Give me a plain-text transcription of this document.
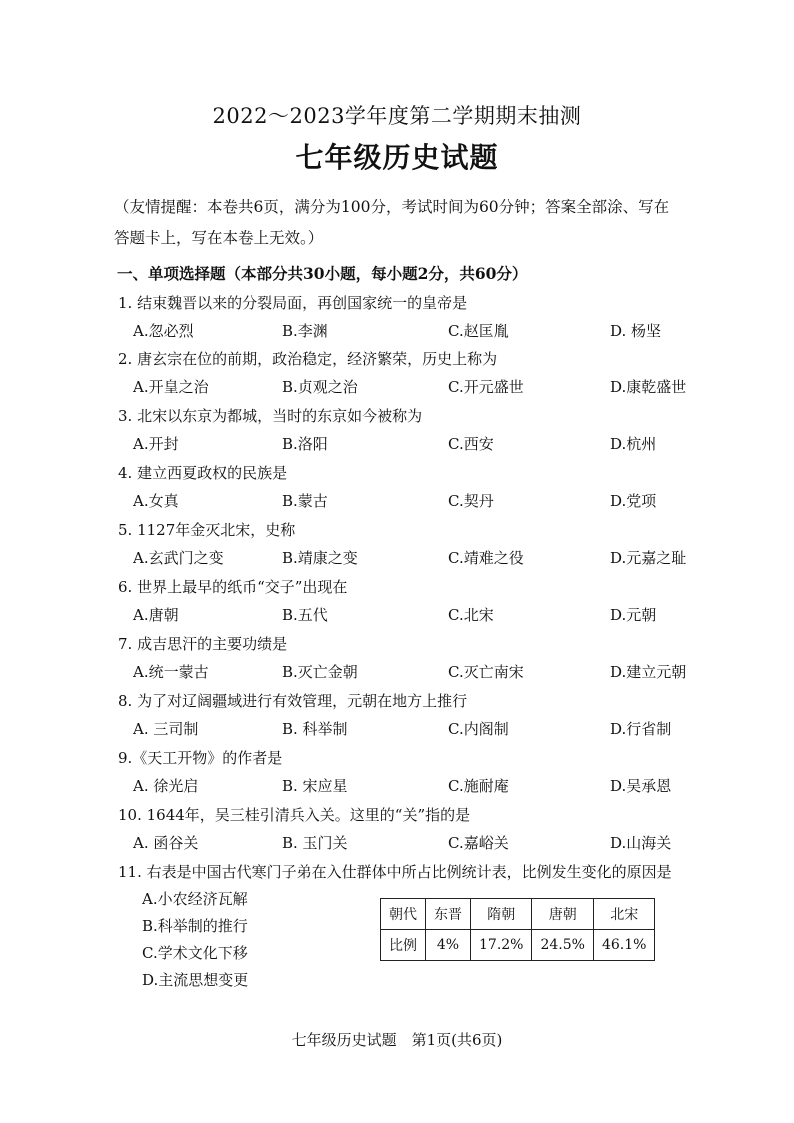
2022～2023学年度第二学期期末抽测
七年级历史试题
（友情提醒：本卷共6页，满分为100分，考试时间为60分钟；答案全部涂、写在
答题卡上，写在本卷上无效。）
一、单项选择题（本部分共30小题，每小题2分，共60分）
1. 结束魏晋以来的分裂局面，再创国家统一的皇帝是
A.忽必烈	B.李渊	C.赵匡胤	D. 杨坚
2. 唐玄宗在位的前期，政治稳定，经济繁荣，历史上称为
A.开皇之治	B.贞观之治	C.开元盛世	D.康乾盛世
3. 北宋以东京为都城，当时的东京如今被称为
A.开封	B.洛阳	C.西安	D.杭州
4. 建立西夏政权的民族是
A.女真	B.蒙古	C.契丹	D.党项
5. 1127年金灭北宋，史称
A.玄武门之变	B.靖康之变	C.靖难之役	D.元嘉之耻
6. 世界上最早的纸币“交子”出现在
A.唐朝	B.五代	C.北宋	D.元朝
7. 成吉思汗的主要功绩是
A.统一蒙古	B.灭亡金朝	C.灭亡南宋	D.建立元朝
8. 为了对辽阔疆域进行有效管理，元朝在地方上推行
A. 三司制	B. 科举制	C.内阁制	D.行省制
9.《天工开物》的作者是
A. 徐光启	B. 宋应星	C.施耐庵	D.吴承恩
10. 1644年，吴三桂引清兵入关。这里的“关”指的是
A. 函谷关	B. 玉门关	C.嘉峪关	D.山海关
11. 右表是中国古代寒门子弟在入仕群体中所占比例统计表，比例发生变化的原因是
A.小农经济瓦解
B.科举制的推行
C.学术文化下移
D.主流思想变更
朝代	东晋	隋朝	唐朝	北宋
比例	4%	17.2%	24.5%	46.1%
七年级历史试题　第1页(共6页)
